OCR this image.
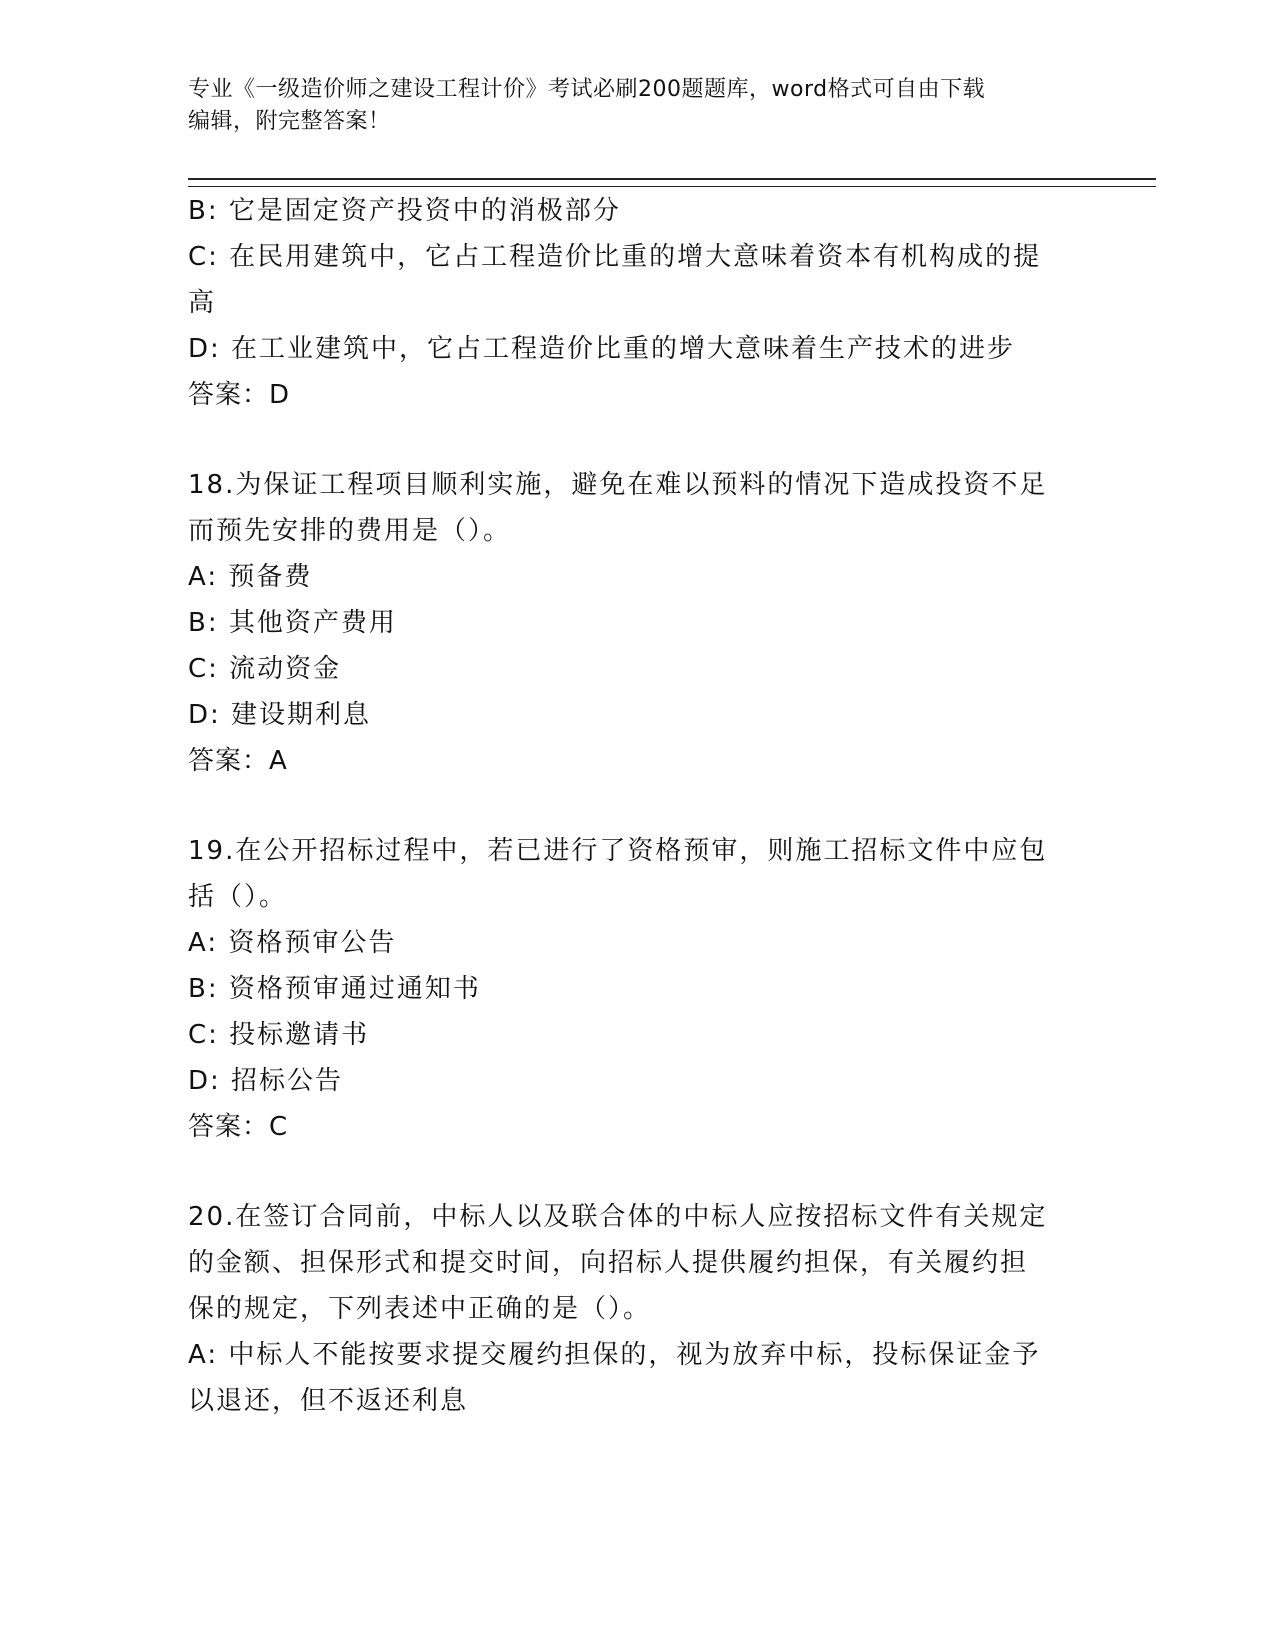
专业《一级造价师之建设工程计价》考试必刷200题题库，word格式可自由下载
编辑，附完整答案！
B: 它是固定资产投资中的消极部分
C: 在民用建筑中，它占工程造价比重的增大意味着资本有机构成的提
高
D: 在工业建筑中，它占工程造价比重的增大意味着生产技术的进步
答案：D
18.为保证工程项目顺利实施，避免在难以预料的情况下造成投资不足
而预先安排的费用是（）。
A: 预备费
B: 其他资产费用
C: 流动资金
D: 建设期利息
答案：A
19.在公开招标过程中，若已进行了资格预审，则施工招标文件中应包
括（）。
A: 资格预审公告
B: 资格预审通过通知书
C: 投标邀请书
D: 招标公告
答案：C
20.在签订合同前，中标人以及联合体的中标人应按招标文件有关规定
的金额、担保形式和提交时间，向招标人提供履约担保，有关履约担
保的规定，下列表述中正确的是（）。
A: 中标人不能按要求提交履约担保的，视为放弃中标，投标保证金予
以退还，但不返还利息
